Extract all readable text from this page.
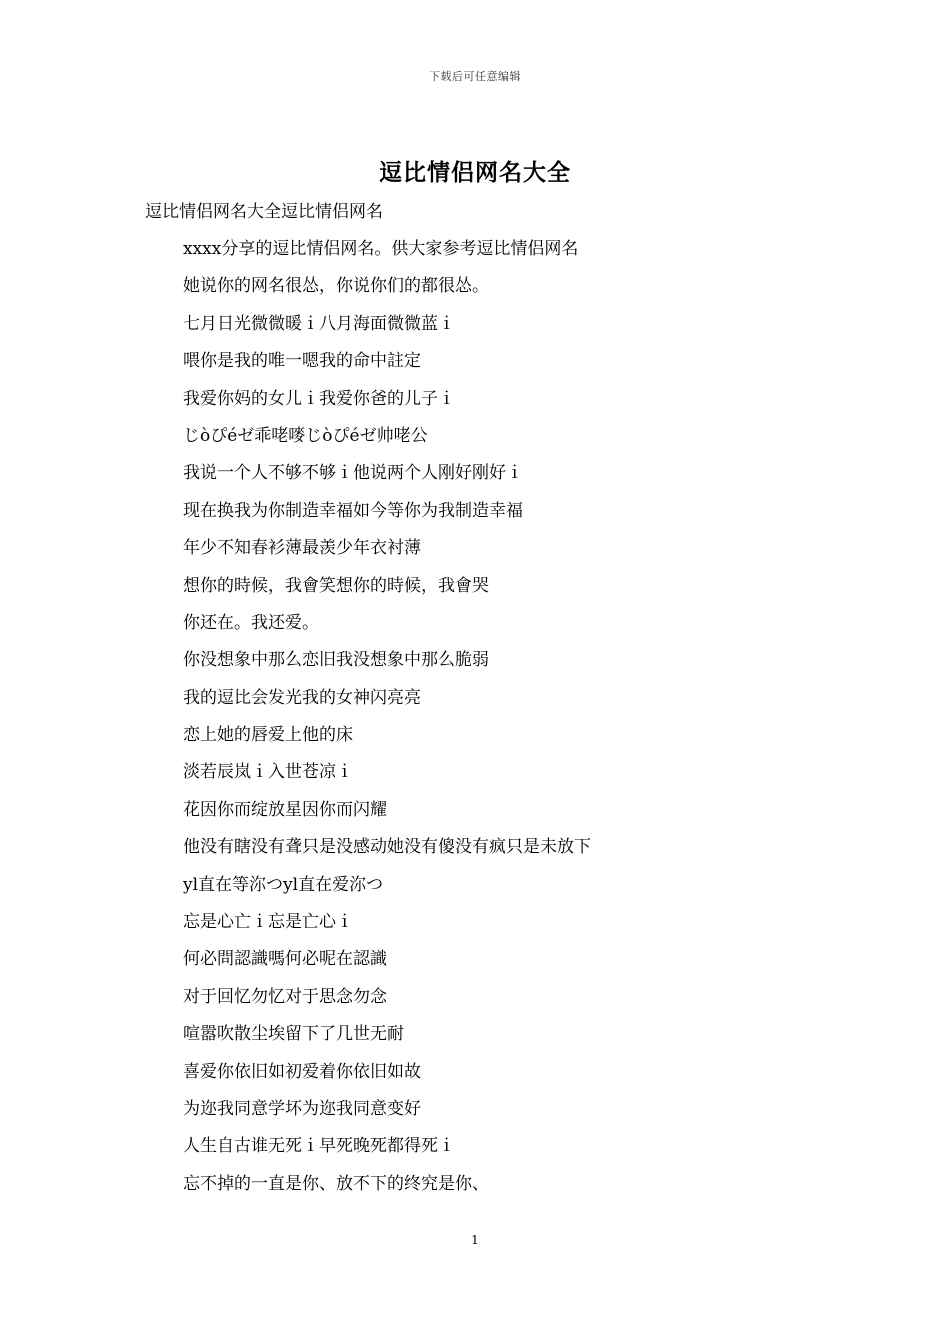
下载后可任意编辑
逗比情侣网名大全
逗比情侣网名大全逗比情侣网名
xxxx分享的逗比情侣网名。供大家参考逗比情侣网名
她说你的网名很怂，你说你们的都很怂。
七月日光微微暖ｉ八月海面微微蓝ｉ
喂你是我的唯一嗯我的命中註定
我爱你妈的女儿ｉ我爱你爸的儿子ｉ
じòぴéゼ乖咾嘜じòぴéゼ帅咾公
我说一个人不够不够ｉ他说两个人刚好刚好ｉ
现在换我为你制造幸福如今等你为我制造幸福
年少不知春衫薄最羡少年衣衬薄
想你的時候，我會笑想你的時候，我會哭
你还在。我还爱。
你没想象中那么恋旧我没想象中那么脆弱
我的逗比会发光我的女神闪亮亮
恋上她的唇爱上他的床
淡若辰岚ｉ入世苍凉ｉ
花因你而绽放星因你而闪耀
他没有瞎没有聋只是没感动她没有傻没有疯只是未放下
yl直在等沵つyl直在爱沵つ
忘是心亡ｉ忘是亡心ｉ
何必問認識嗎何必呢在認識
对于回忆勿忆对于思念勿念
喧嚣吹散尘埃留下了几世无耐
喜爱你依旧如初爱着你依旧如故
为迩我同意学坏为迩我同意变好
人生自古谁无死ｉ早死晚死都得死ｉ
忘不掉的一直是你、放不下的终究是你、
1
